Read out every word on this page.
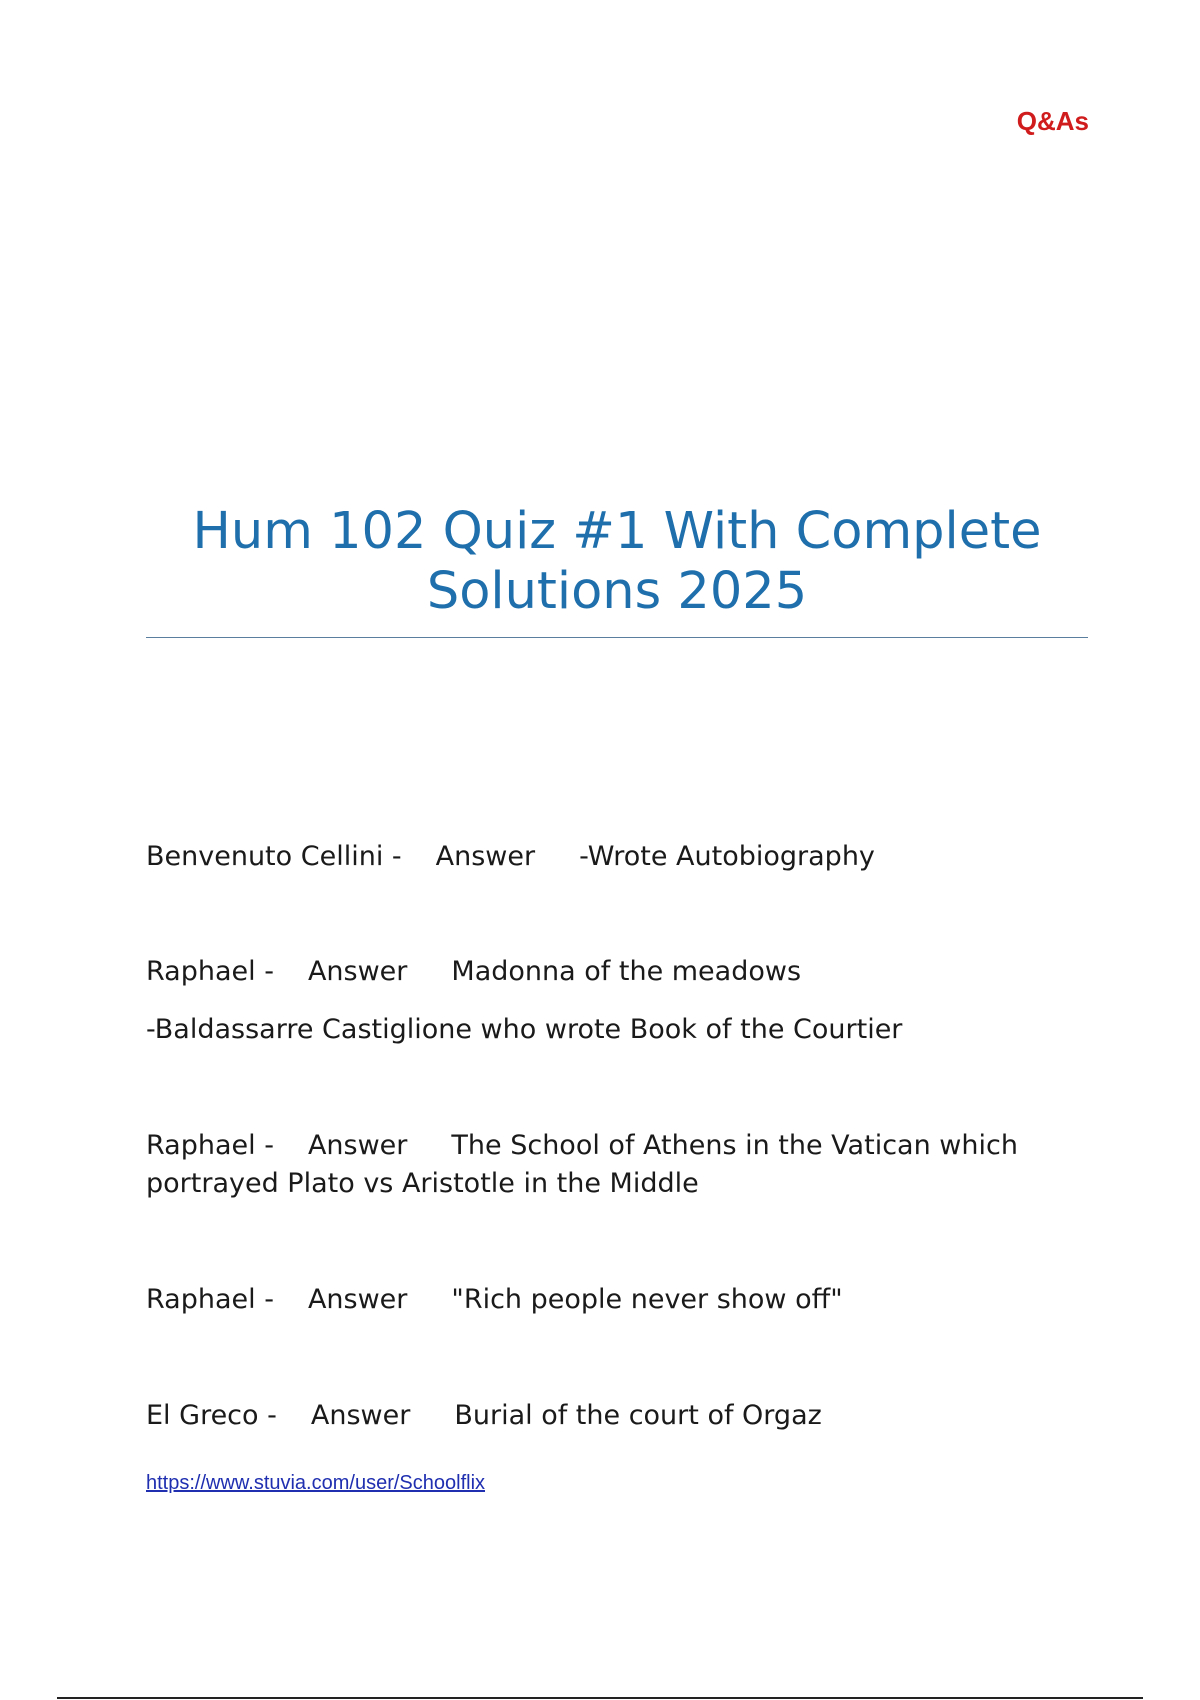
Q&As

Hum 102 Quiz #1 With Complete
Solutions 2025

Benvenuto Cellini - Answer -Wrote Autobiography

Raphael - Answer Madonna of the meadows

-Baldassarre Castiglione who wrote Book of the Courtier

Raphael - Answer The School of Athens in the Vatican which portrayed Plato vs Aristotle in the Middle

Raphael - Answer "Rich people never show off"

El Greco - Answer Burial of the court of Orgaz

https://www.stuvia.com/user/Schoolflix
